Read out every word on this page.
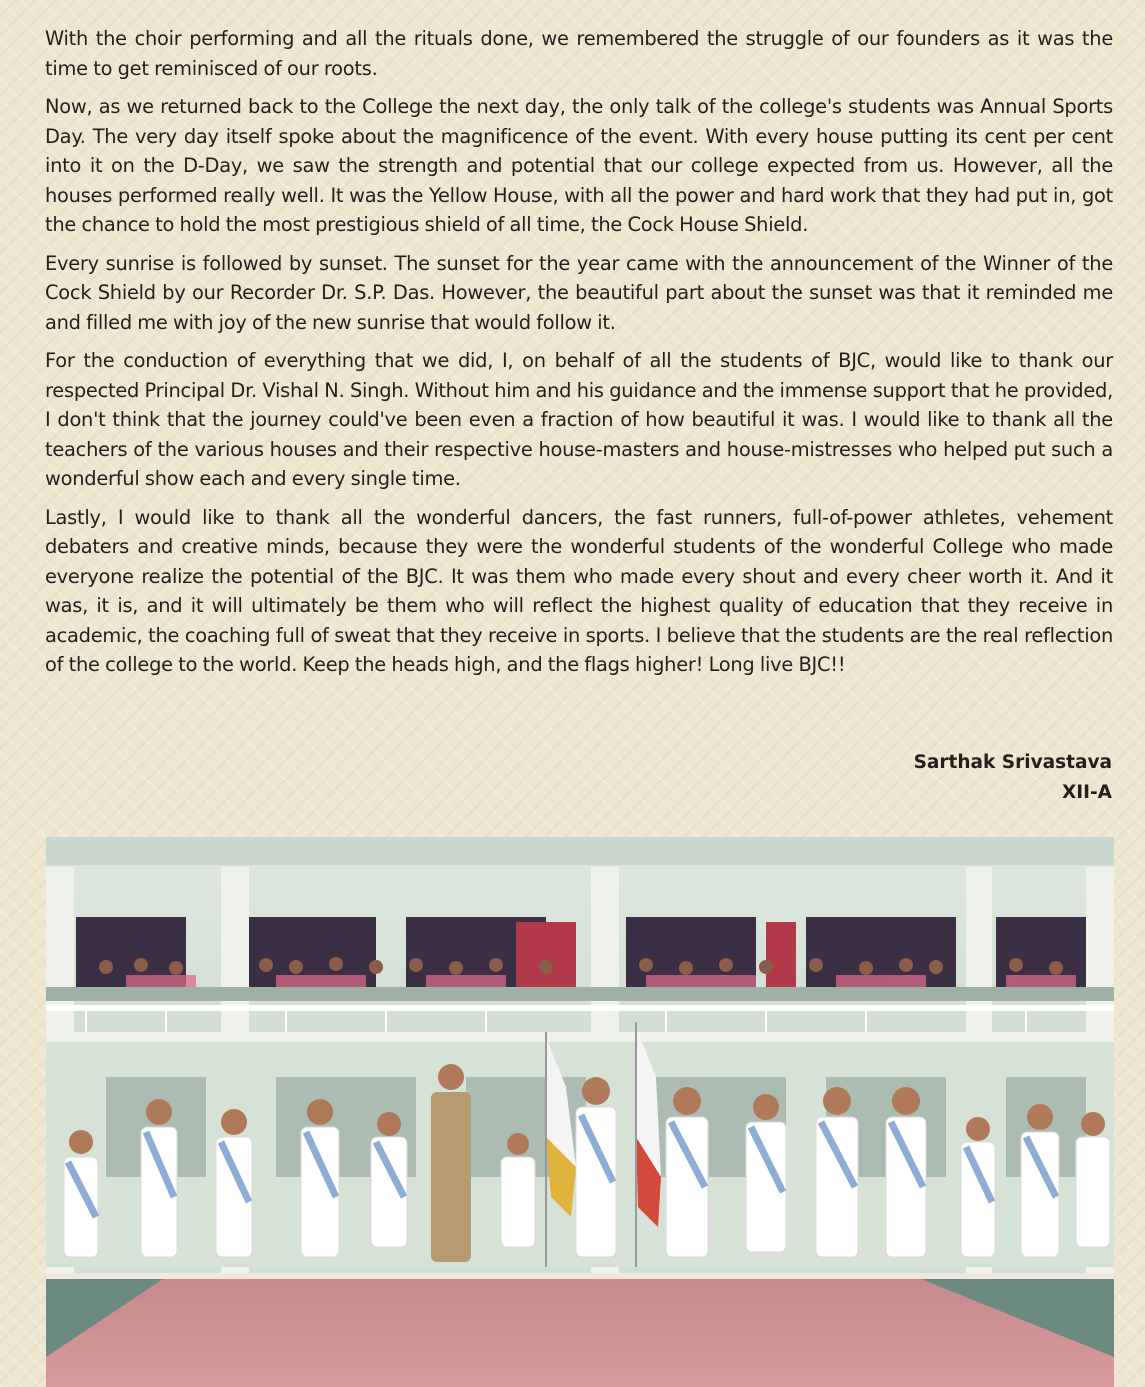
With the choir performing and all the rituals done, we remembered the struggle of our founders as it was the time to get reminisced of our roots.

Now, as we returned back to the College the next day, the only talk of the college's students was Annual Sports Day. The very day itself spoke about the magnificence of the event. With every house putting its cent per cent into it on the D-Day, we saw the strength and potential that our college expected from us. However, all the houses performed really well. It was the Yellow House, with all the power and hard work that they had put in, got the chance to hold the most prestigious shield of all time, the Cock House Shield.

Every sunrise is followed by sunset. The sunset for the year came with the announcement of the Winner of the Cock Shield by our Recorder Dr. S.P. Das. However, the beautiful part about the sunset was that it reminded me and filled me with joy of the new sunrise that would follow it.

For the conduction of everything that we did, I, on behalf of all the students of BJC, would like to thank our respected Principal Dr. Vishal N. Singh. Without him and his guidance and the immense support that he provided, I don't think that the journey could've been even a fraction of how beautiful it was. I would like to thank all the teachers of the various houses and their respective house-masters and house-mistresses who helped put such a wonderful show each and every single time.

Lastly, I would like to thank all the wonderful dancers, the fast runners, full-of-power athletes, vehement debaters and creative minds, because they were the wonderful students of the wonderful College who made everyone realize the potential of the BJC. It was them who made every shout and every cheer worth it. And it was, it is, and it will ultimately be them who will reflect the highest quality of education that they receive in academic, the coaching full of sweat that they receive in sports. I believe that the students are the real reflection of the college to the world. Keep the heads high, and the flags higher! Long live BJC!!

Sarthak Srivastava
XII-A
